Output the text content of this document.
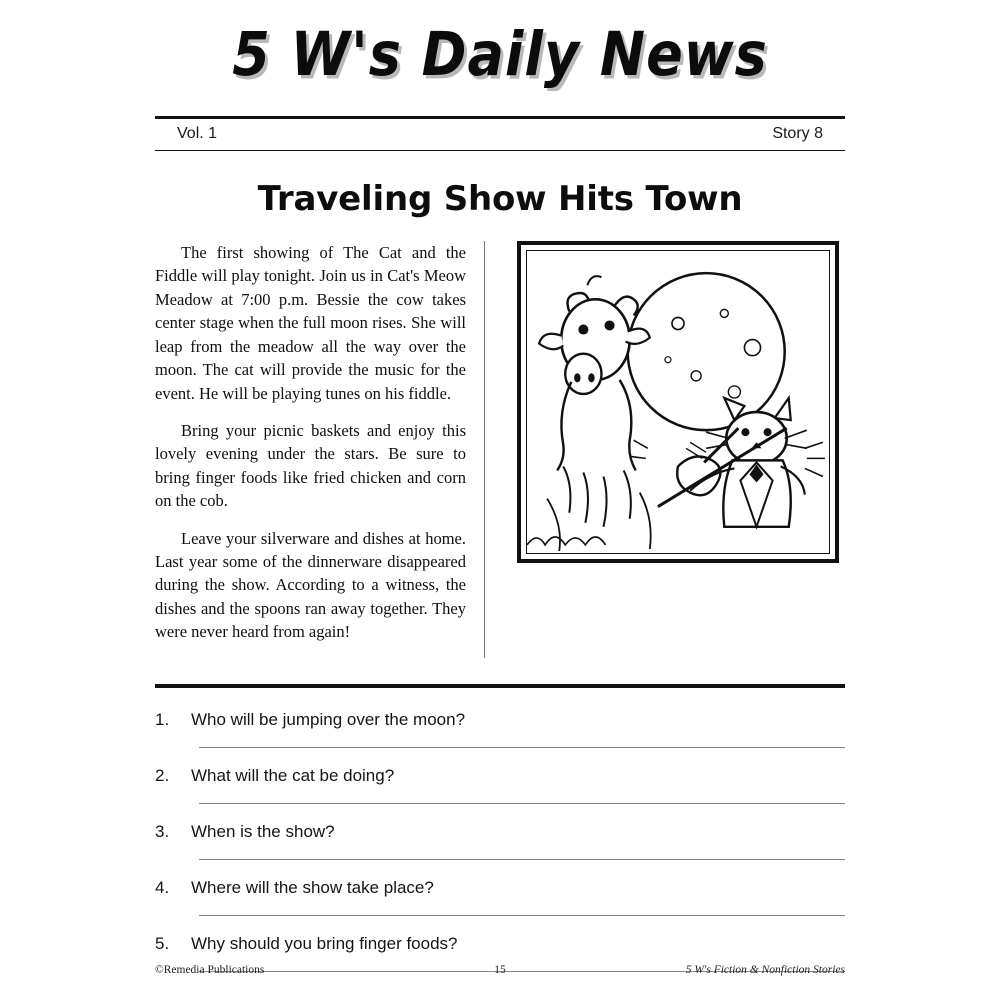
5 W's Daily News
Vol. 1	Story 8
Traveling Show Hits Town

The first showing of The Cat and the Fiddle will play tonight. Join us in Cat's Meow Meadow at 7:00 p.m. Bessie the cow takes center stage when the full moon rises. She will leap from the meadow all the way over the moon. The cat will provide the music for the event. He will be playing tunes on his fiddle.

Bring your picnic baskets and enjoy this lovely evening under the stars. Be sure to bring finger foods like fried chicken and corn on the cob.

Leave your silverware and dishes at home. Last year some of the dinnerware disappeared during the show. According to a witness, the dishes and the spoons ran away together. They were never heard from again!

1.	Who will be jumping over the moon?
2.	What will the cat be doing?
3.	When is the show?
4.	Where will the show take place?
5.	Why should you bring finger foods?
©Remedia Publications	15	5 W's Fiction & Nonfiction Stories
